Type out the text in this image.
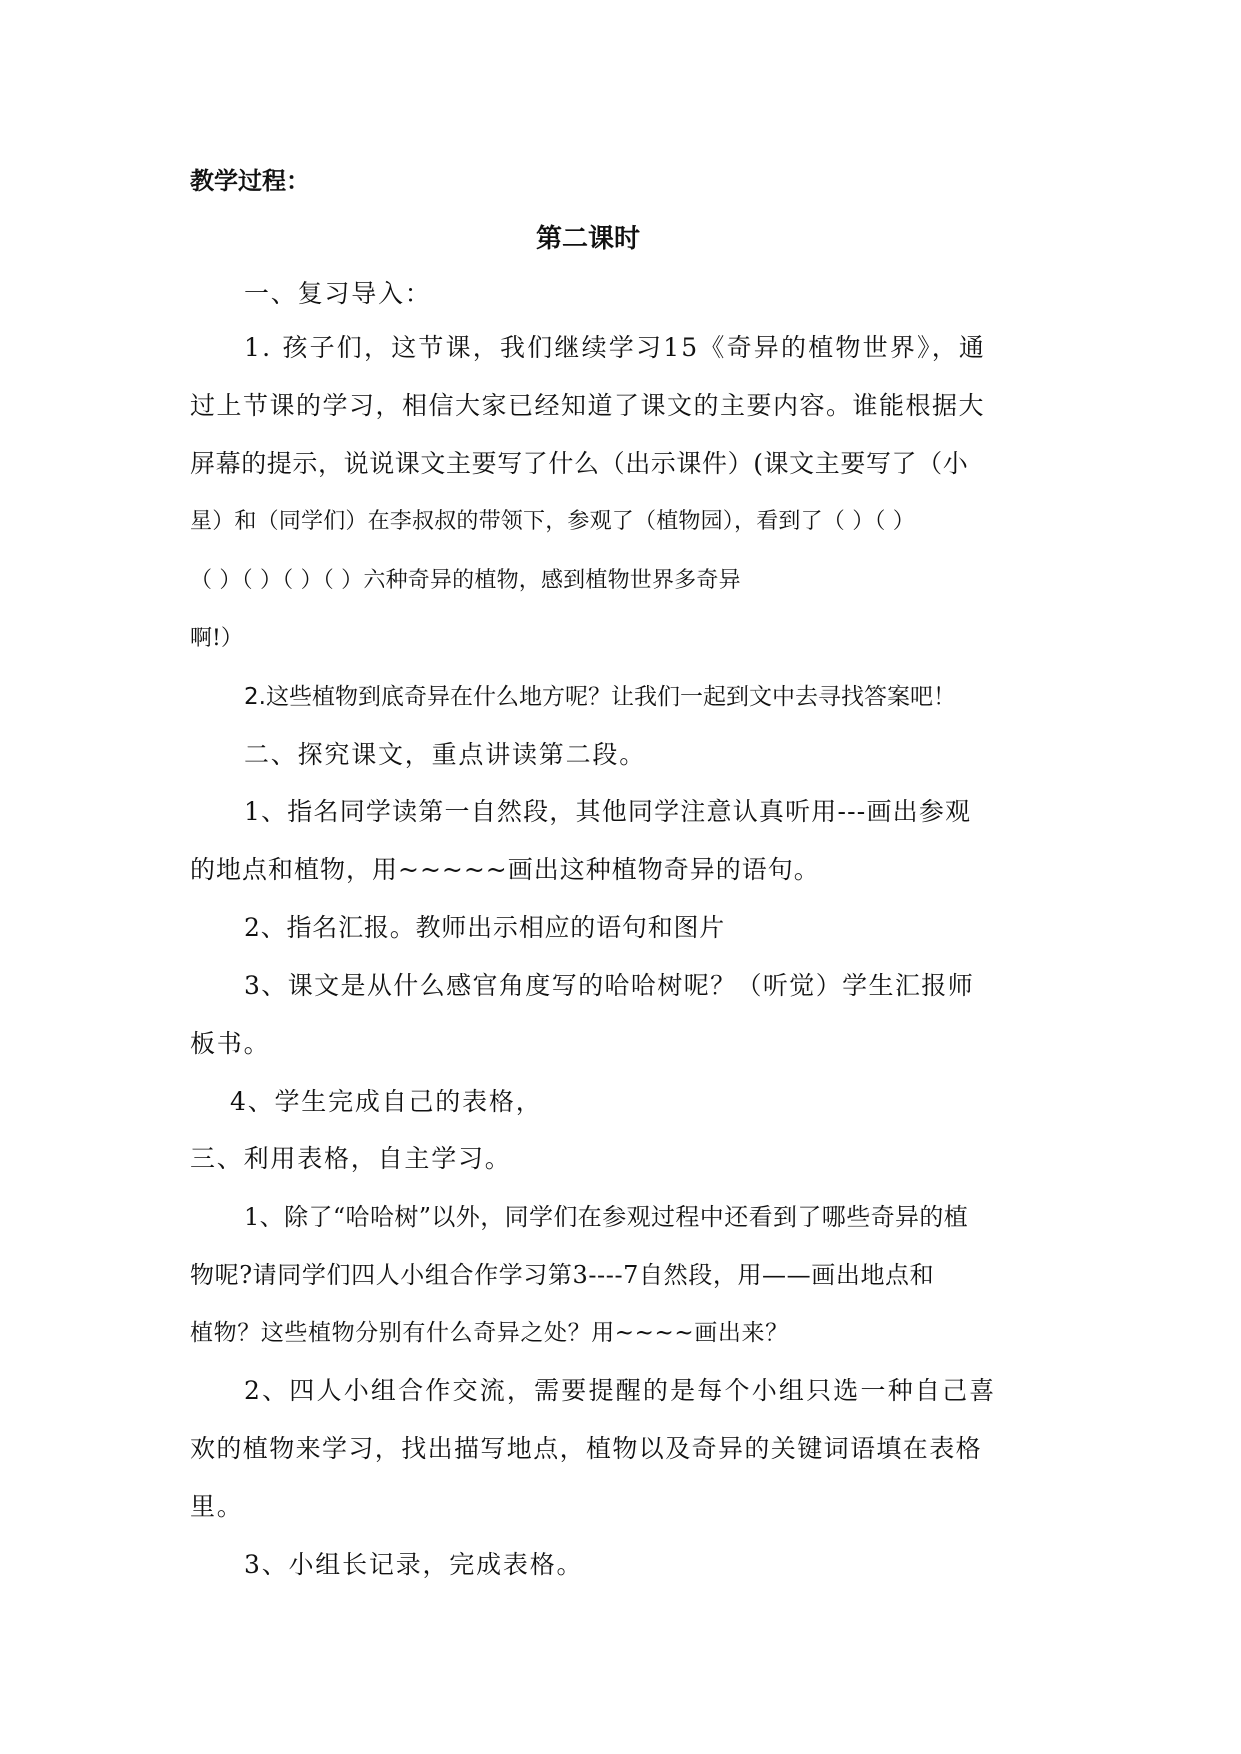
教学过程：

第二课时

一、复习导入：

1. 孩子们，这节课，我们继续学习15《奇异的植物世界》，通

过上节课的学习，相信大家已经知道了课文的主要内容。谁能根据大

屏幕的提示，说说课文主要写了什么（出示课件）(课文主要写了（小

星）和（同学们）在李叔叔的带领下，参观了（植物园），看到了（ ）（ ）

（ ）（ ）（ ）（ ）六种奇异的植物，感到植物世界多奇异

啊!）

2.这些植物到底奇异在什么地方呢？让我们一起到文中去寻找答案吧！

二、探究课文，重点讲读第二段。

1、指名同学读第一自然段，其他同学注意认真听用---画出参观

的地点和植物，用~~~~~画出这种植物奇异的语句。

2、指名汇报。教师出示相应的语句和图片

3、课文是从什么感官角度写的哈哈树呢？（听觉）学生汇报师

板书。

4、学生完成自己的表格，

三、利用表格，自主学习。

1、除了“哈哈树”以外，同学们在参观过程中还看到了哪些奇异的植

物呢?请同学们四人小组合作学习第3----7自然段，用——画出地点和

植物？这些植物分别有什么奇异之处？用~~~~画出来？

2、四人小组合作交流，需要提醒的是每个小组只选一种自己喜

欢的植物来学习，找出描写地点，植物以及奇异的关键词语填在表格

里。

3、小组长记录，完成表格。
